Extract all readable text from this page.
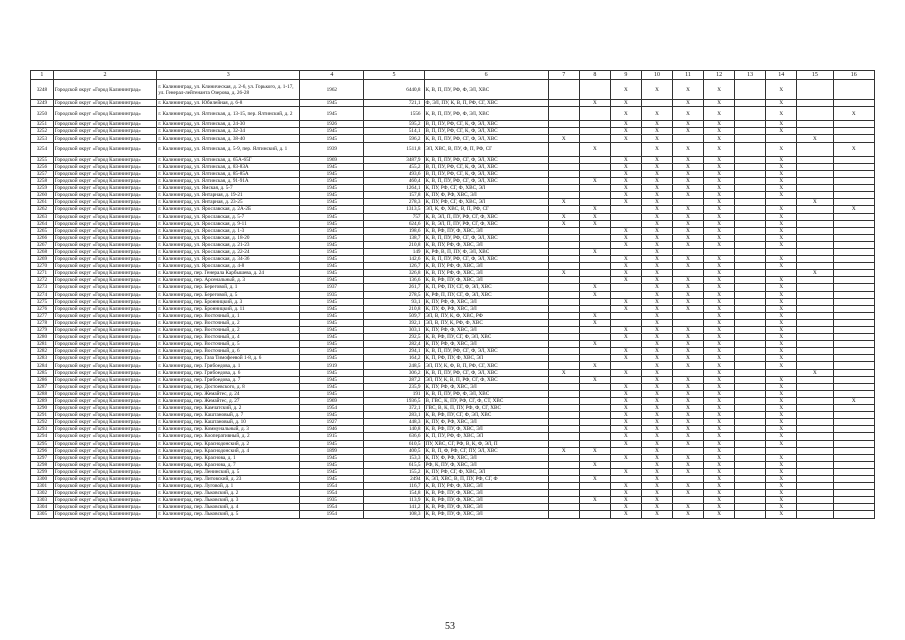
1	2	3	4	5	6	7	8	9	10	11	12	13	14	15	16
3248	Городской округ «Город Калининград»	г. Калининград, ул. Клиническая, д. 2-6, ул. Горького, д. 1-17, ул. Генерал-лейтенанта Озерова, д. 26-28	1962	6440,8	К, В, П, ПУ, РФ, Ф, ЭЛ, ХВС			X	X	X	X		X		
3249	Городской округ «Город Калининград»	г. Калининград, ул. Юбилейная, д. 6-8	1945	721,1	Ф, ЭЛ, ПУ, К, В, П, РФ, СГ, ХВС		X	X		X	X		X		
3250	Городской округ «Город Калининград»	г. Калининград, ул. Ялтинская, д. 13-15, пер. Ялтинский, д. 2	1945	1556	К, В, П, ПУ, РФ, Ф, ЭЛ, ХВС			X	X	X	X		X		X
3251	Городской округ «Город Калининград»	г. Калининград, ул. Ялтинская, д. 24-30	1926	595,2	В, П, ПУ, РФ, СГ, К, Ф, ЭЛ, ХВС			X	X	X	X		X		
3252	Городской округ «Город Калининград»	г. Калининград, ул. Ялтинская, д. 32-34	1945	514,1	В, П, ПУ, РФ, СГ, К, Ф, ЭЛ, ХВС			X	X	X	X		X		
3253	Городской округ «Город Калининград»	г. Калининград, ул. Ялтинская, д. 38-40	1945	596,2	К, В, П, ПУ, РФ, СГ, Ф, ЭЛ, ХВС	X		X	X		X			X	
3254	Городской округ «Город Калининград»	г. Калининград, ул. Ялтинская, д. 5-9, пер. Ялтинский, д. 1	1939	1511,8	ЭЛ, ХВС, В, ПУ, Ф, П, РФ, СГ		X		X	X	X		X		X
3255	Городской округ «Город Калининград»	г. Калининград, ул. Ялтинская, д. 65А-65Г	1969	3487,9	К, В, П, ПУ, РФ, СГ, Ф, ЭЛ, ХВС			X	X	X	X		X		
3256	Городской округ «Город Калининград»	г. Калининград, ул. Ялтинская, д. 83-83А	1945	455,2	В, П, ПУ, РФ, СГ, К, Ф, ЭЛ, ХВС			X	X	X	X		X		
3257	Городской округ «Город Калининград»	г. Калининград, ул. Ялтинская, д. 85-85А	1945	493,6	В, П, ПУ, РФ, СГ, К, Ф, ЭЛ, ХВС			X	X	X	X		X		
3258	Городской округ «Город Калининград»	г. Калининград, ул. Ялтинская, д. 91-91А	1945	460,4	К, В, П, ПУ, РФ, СГ, Ф, ЭЛ, ХВС		X	X	X	X	X		X		
3259	Городской округ «Город Калининград»	г. Калининград, ул. Ямская, д. 5-7	1945	1264,1	К, ПУ, РФ, СГ, Ф, ХВС, ЭЛ			X	X	X	X		X		
3260	Городской округ «Город Калининград»	г. Калининград, ул. Янтарная, д. 19-21	1945	157,8	К, ПУ, Ф, РФ, ХВС, ЭЛ			X	X	X	X		X		
3261	Городской округ «Город Калининград»	г. Калининград, ул. Янтарная, д. 23-25	1945	278,3	К, ПУ, РФ, СГ, Ф, ХВС, ЭЛ	X		X	X		X			X	
3262	Городской округ «Город Калининград»	г. Калининград, ул. Ярославская, д. 2А-2Б	1945	1313,5	ЭЛ, К, Ф, ХВС, В, П, РФ, СГ		X		X	X	X		X		X
3263	Городской округ «Город Калининград»	г. Калининград, ул. Ярославская, д. 5-7	1945	757	К, В, ЭЛ, П, ПУ, РФ, СГ, Ф, ХВС	X	X		X	X	X		X		
3264	Городской округ «Город Калининград»	г. Калининград, ул. Ярославская, д. 9-11	1945	624,6	К, В, ЭЛ, П, ПУ, РФ, СГ, Ф, ХВС	X	X		X	X	X		X		
3265	Городской округ «Город Калининград»	г. Калининград, ул. Ярославская, д. 1-3	1945	198,6	К, В, РФ, ПУ, Ф, ХВС, ЭЛ			X	X	X	X		X		
3266	Городской округ «Город Калининград»	г. Калининград, ул. Ярославская, д. 18-20	1945	138,7	К, В, П, ПУ, РФ, СГ, Ф, ЭЛ, ХВС			X	X	X	X		X		
3267	Городской округ «Город Калининград»	г. Калининград, ул. Ярославская, д. 21-23	1945	210,8	К, В, ПУ, РФ, Ф, ХВС, ЭЛ			X	X	X	X		X		
3268	Городской округ «Город Калининград»	г. Калининград, ул. Ярославская, д. 22-24	1945	149	К, РФ, В, П, ПУ, Ф, ЭЛ, ХВС		X		X						
3269	Городской округ «Город Калининград»	г. Калининград, ул. Ярославская, д. 34-36	1945	142,6	К, В, П, ПУ, РФ, СГ, Ф, ЭЛ, ХВС			X	X	X	X		X		
3270	Городской округ «Город Калининград»	г. Калининград, ул. Ярославская, д. 4-8	1945	126,7	К, В, ПУ, РФ, Ф, ХВС, ЭЛ			X	X	X	X		X		
3271	Городской округ «Город Калининград»	г. Калининград, пер. Генерала Карбышева, д. 24	1945	326,8	К, В, ПУ, РФ, Ф, ХВС, ЭЛ	X		X	X		X			X	
3272	Городской округ «Город Калининград»	г. Калининград, пер. Арсенальный, д. 3	1945	136,6	К, В, РФ, ПУ, Ф, ХВС, ЭЛ			X	X	X	X		X		
3273	Городской округ «Город Калининград»	г. Калининград, пер. Береговой, д. 1	1937	261,7	К, П, РФ, ПУ, СГ, Ф, ЭЛ, ХВС		X		X	X	X		X		
3274	Городской округ «Город Калининград»	г. Калининград, пер. Береговой, д. 5	1935	278,5	К, РФ, П, ПУ, СГ, Ф, ЭЛ, ХВС		X		X	X	X		X		
3275	Городской округ «Город Калининград»	г. Калининград, пер. Бронницкий, д. 3	1945	93,1	К, ПУ, РФ, Ф, ХВС, ЭЛ			X	X	X	X		X		
3276	Городской округ «Город Калининград»	г. Калининград, пер. Бронницкий, д. 11	1945	210,8	К, ПУ, Ф, РФ, ХВС, ЭЛ			X	X	X	X		X		
3277	Городской округ «Город Калининград»	г. Калининград, пер. Восточный, д. 1	1945	509,7	ЭЛ, В, ПУ, К, Ф, ХВС, РФ		X		X		X		X		
3278	Городской округ «Город Калининград»	г. Калининград, пер. Восточный, д. 2	1945	392,1	ЭЛ, В, ПУ, К, РФ, Ф, ХВС		X		X		X		X		
3279	Городской округ «Город Калининград»	г. Калининград, пер. Восточный, д. 2	1945	303,1	К, ПУ, РФ, Ф, ХВС, ЭЛ			X	X	X	X		X		
3280	Городской округ «Город Калининград»	г. Калининград, пер. Восточный, д. 4	1945	292,5	К, В, РФ, ПУ, СГ, Ф, ЭЛ, ХВС			X	X	X	X		X		
3281	Городской округ «Город Калининград»	г. Калининград, пер. Восточный, д. 5	1945	282,4	К, ПУ, РФ, Ф, ХВС, ЭЛ		X		X	X	X		X		
3282	Городской округ «Город Калининград»	г. Калининград, пер. Восточный, д. 6	1945	294,1	К, В, П, ПУ, РФ, СГ, Ф, ЭЛ, ХВС			X	X	X	X		X		
3283	Городской округ «Город Калининград»	г. Калининград, пер. Газа Тимофеевой 1-8, д. 6	1945	164,2	К, П, РФ, ПУ, Ф, ХВС, ЭЛ			X	X	X	X		X		
3284	Городской округ «Город Калининград»	г. Калининград, пер. Грибоедова, д. 1	1919	248,5	ЭЛ, ПУ, К, Ф, В, П, РФ, СГ, ХВС		X		X	X	X		X		
3285	Городской округ «Город Калининград»	г. Калининград, пер. Грибоедова, д. 6	1945	306,2	К, В, П, ПУ, РФ, СГ, Ф, ЭЛ, ХВС	X		X	X		X			X	
3286	Городской округ «Город Калининград»	г. Калининград, пер. Грибоедова, д. 7	1945	287,2	ЭЛ, ПУ, К, В, П, РФ, СГ, Ф, ХВС		X		X	X	X		X		
3287	Городской округ «Город Калининград»	г. Калининград, пер. Достоевского, д. 8	1945	235,9	К, ПУ, РФ, Ф, ХВС, ЭЛ			X	X	X	X		X		
3288	Городской округ «Город Калининград»	г. Калининград, пер. Жемайтес, д. 24	1945	191	К, В, П, ПУ, РФ, Ф, ЭЛ, ХВС			X	X	X	X		X		
3289	Городской округ «Город Калининград»	г. Калининград, пер. Жемайтес, д. 27	1969	1936,5	В, ГВС, К, ПУ, РФ, СГ, Ф, СТ, ХВС			X	X	X	X		X		X
3290	Городской округ «Город Калининград»	г. Калининград, пер. Камчатский, д. 2	1954	372,1	ГВС, В, К, П, ПУ, РФ, Ф, СГ, ХВС			X	X	X	X		X		
3291	Городской округ «Город Калининград»	г. Калининград, пер. Каштановый, д. 7	1945	283,1	К, В, РФ, ПУ, СГ, Ф, ЭЛ, ХВС			X	X	X	X		X		
3292	Городской округ «Город Калининград»	г. Калининград, пер. Каштановый, д. 10	1927	448,3	К, ПУ, Ф, РФ, ХВС, ЭЛ			X	X	X	X		X		
3293	Городской округ «Город Калининград»	г. Калининград, пер. Коммунальный, д. 3	1946	140,8	К, В, РФ, ПУ, Ф, ХВС, ЭЛ			X	X	X	X		X		
3294	Городской округ «Город Калининград»	г. Калининград, пер. Кооперативный, д. 2	1915	636,6	К, П, ПУ, РФ, Ф, ХВС, ЭЛ			X	X	X	X		X		
3295	Городской округ «Город Калининград»	г. Калининград, пер. Краснодонский, д. 2	1945	610,5	ПУ, ХВС, СГ, РФ, В, К, Ф, ЭЛ, П			X	X	X	X		X		
3296	Городской округ «Город Калининград»	г. Калининград, пер. Краснодонский, д. 4	1899	400,5	К, В, П, Ф, РФ, СГ, ПУ, ЭЛ, ХВС	X	X		X		X				
3297	Городской округ «Город Калининград»	г. Калининград, пер. Краснова, д. 1	1945	153,3	К, ПУ, Ф, РФ, ХВС, ЭЛ			X	X	X	X		X		
3298	Городской округ «Город Калининград»	г. Калининград, пер. Краснова, д. 7	1945	615,5	РФ, К, ПУ, Ф, ХВС, ЭЛ		X		X	X	X		X		
3299	Городской округ «Город Калининград»	г. Калининград, пер. Ленинский, д. 5	1945	155,2	К, ПУ, РФ, СГ, Ф, ХВС, ЭЛ			X	X	X	X		X		
3300	Городской округ «Город Калининград»	г. Калининград, пер. Литовский, д. 23	1945	2494	К, ЭЛ, ХВС, В, П, ПУ, РФ, СГ, Ф		X		X		X		X		
3301	Городской округ «Город Калининград»	г. Калининград, пер. Луговой, д. 1	1954	116,7	К, В, ПУ, РФ, Ф, ХВС, ЭЛ			X	X	X	X		X		
3302	Городской округ «Город Калининград»	г. Калининград, пер. Льковский, д. 2	1954	154,8	К, В, РФ, ПУ, Ф, ХВС, ЭЛ			X	X	X	X		X		
3303	Городской округ «Город Калининград»	г. Калининград, пер. Льковский, д. 3	1935	113,9	К, В, РФ, ПУ, Ф, ХВС, ЭЛ		X	X	X		X		X		
3304	Городской округ «Город Калининград»	г. Калининград, пер. Льковский, д. 4	1954	141,2	К, В, РФ, ПУ, Ф, ХВС, ЭЛ			X	X	X	X		X		
3305	Городской округ «Город Калининград»	г. Калининград, пер. Льковский, д. 5	1954	108,3	К, В, РФ, ПУ, Ф, ХВС, ЭЛ			X	X	X	X		X		
53
